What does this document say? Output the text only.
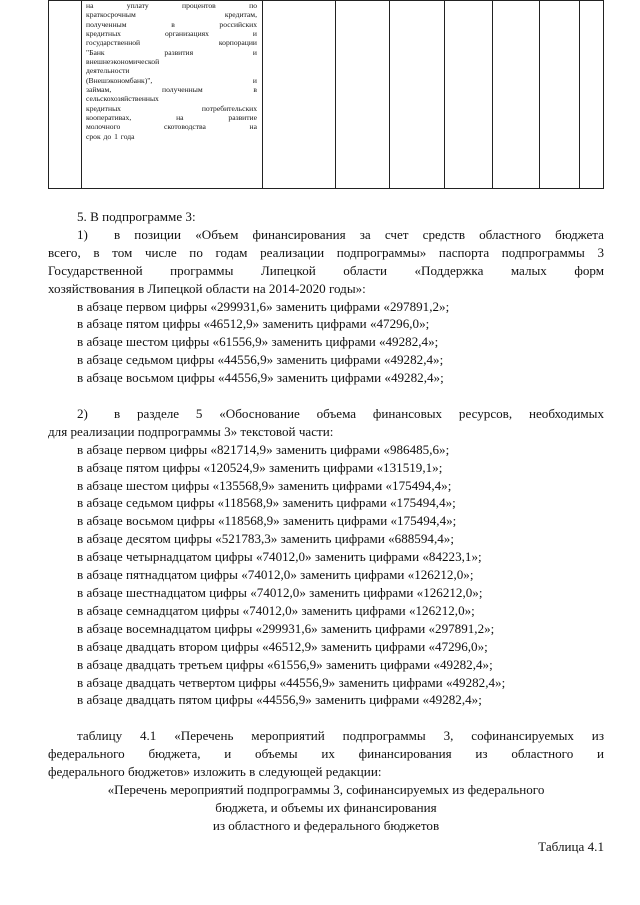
на уплату процентов по
краткосрочным кредитам,
полученным в российских
кредитных организациях и
государственной корпорации
"Банк развития и
внешнеэкономической
деятельности
(Внешэкономбанк)", и
займам, полученным в
сельскохозяйственных
кредитных потребительских
кооперативах, на развитие
молочного скотоводства на
срок до 1 года

5. В подпрограмме 3:

1) в позиции «Объем финансирования за счет средств областного бюджета

всего, в том числе по годам реализации подпрограммы» паспорта подпрограммы 3

Государственной программы Липецкой области «Поддержка малых форм

хозяйствования в Липецкой области на 2014-2020 годы»:

в абзаце первом цифры «299931,6» заменить цифрами «297891,2»;

в абзаце пятом цифры «46512,9» заменить цифрами «47296,0»;

в абзаце шестом цифры «61556,9» заменить цифрами «49282,4»;

в абзаце седьмом цифры «44556,9» заменить цифрами «49282,4»;

в абзаце восьмом цифры «44556,9» заменить цифрами «49282,4»;

2) в разделе 5 «Обоснование объема финансовых ресурсов, необходимых

для реализации подпрограммы 3» текстовой части:

в абзаце первом цифры «821714,9» заменить цифрами «986485,6»;

в абзаце пятом цифры «120524,9» заменить цифрами «131519,1»;

в абзаце шестом цифры «135568,9» заменить цифрами «175494,4»;

в абзаце седьмом цифры «118568,9» заменить цифрами «175494,4»;

в абзаце восьмом цифры «118568,9» заменить цифрами «175494,4»;

в абзаце десятом цифры «521783,3» заменить цифрами «688594,4»;

в абзаце четырнадцатом цифры «74012,0» заменить цифрами «84223,1»;

в абзаце пятнадцатом цифры «74012,0» заменить цифрами «126212,0»;

в абзаце шестнадцатом цифры «74012,0» заменить цифрами «126212,0»;

в абзаце семнадцатом цифры «74012,0» заменить цифрами «126212,0»;

в абзаце восемнадцатом цифры «299931,6» заменить цифрами «297891,2»;

в абзаце двадцать втором цифры «46512,9» заменить цифрами «47296,0»;

в абзаце двадцать третьем цифры «61556,9» заменить цифрами «49282,4»;

в абзаце двадцать четвертом цифры «44556,9» заменить цифрами «49282,4»;

в абзаце двадцать пятом цифры «44556,9» заменить цифрами «49282,4»;

таблицу 4.1 «Перечень мероприятий подпрограммы 3, софинансируемых из

федерального бюджета, и объемы их финансирования из областного и

федерального бюджетов» изложить в следующей редакции:

«Перечень мероприятий подпрограммы 3, софинансируемых из федерального

бюджета, и объемы их финансирования

из областного и федерального бюджетов

Таблица 4.1
